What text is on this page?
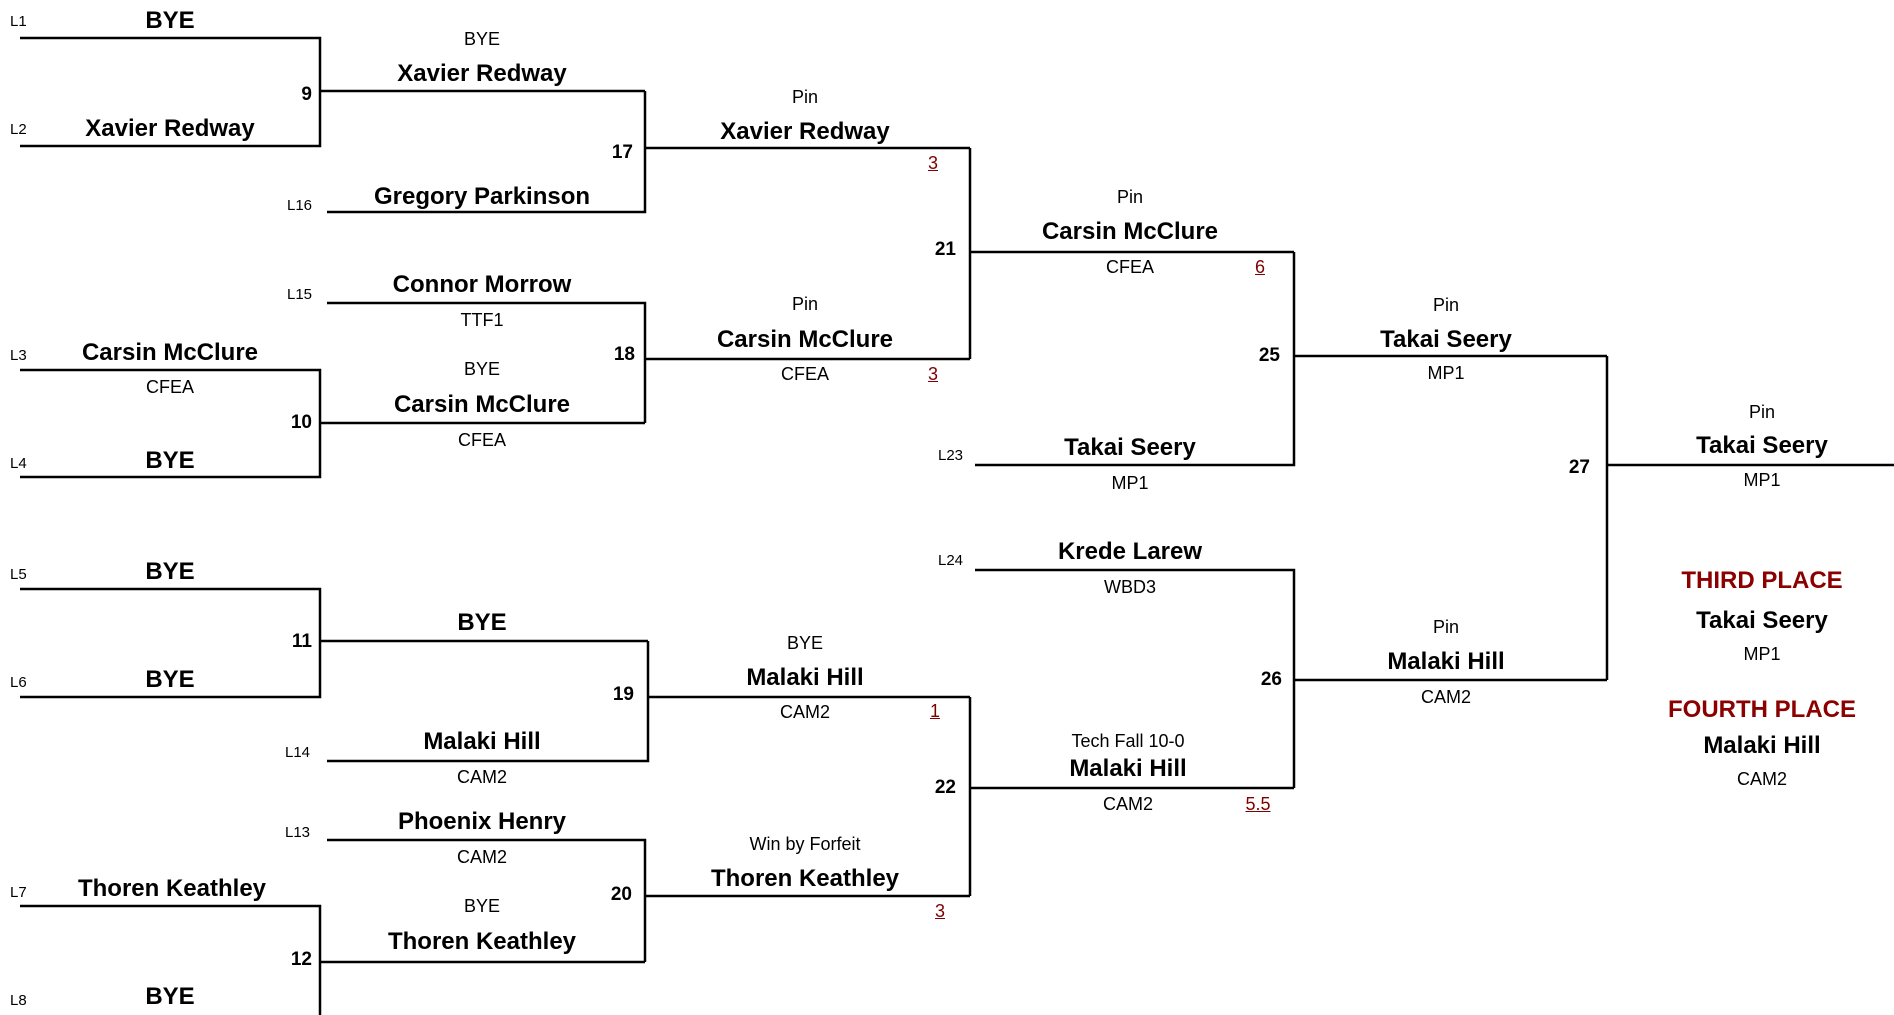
L1	BYE
L2 Xavier Redway
9
L3 Carsin McClure
CFEA
L4	BYE
10
L5	BYE
L6	BYE
11
L7 Thoren Keathley
L8	BYE
12
BYE
Xavier Redway
L16	Gregory Parkinson
17
L15	Connor Morrow
TTF1
BYE
Carsin McClure
CFEA
18
BYE
L14	Malaki Hill
CAM2
19
L13	Phoenix Henry
CAM2
BYE
Thoren Keathley
20
Pin
Xavier Redway
3
Pin
Carsin McClure
CFEA	3
BYE
Malaki Hill
CAM2	1
Win by Forfeit
Thoren Keathley
3
21
22
Pin
Carsin McClure
CFEA	6
L23	Takai Seery
MP1
L24	Krede Larew
WBD3
Tech Fall 10-0
Malaki Hill
CAM2	5.5
25
26
Pin
Takai Seery
MP1
Pin
Malaki Hill
CAM2
27
Pin
Takai Seery
MP1
THIRD PLACE
Takai Seery
MP1
FOURTH PLACE
Malaki Hill
CAM2
